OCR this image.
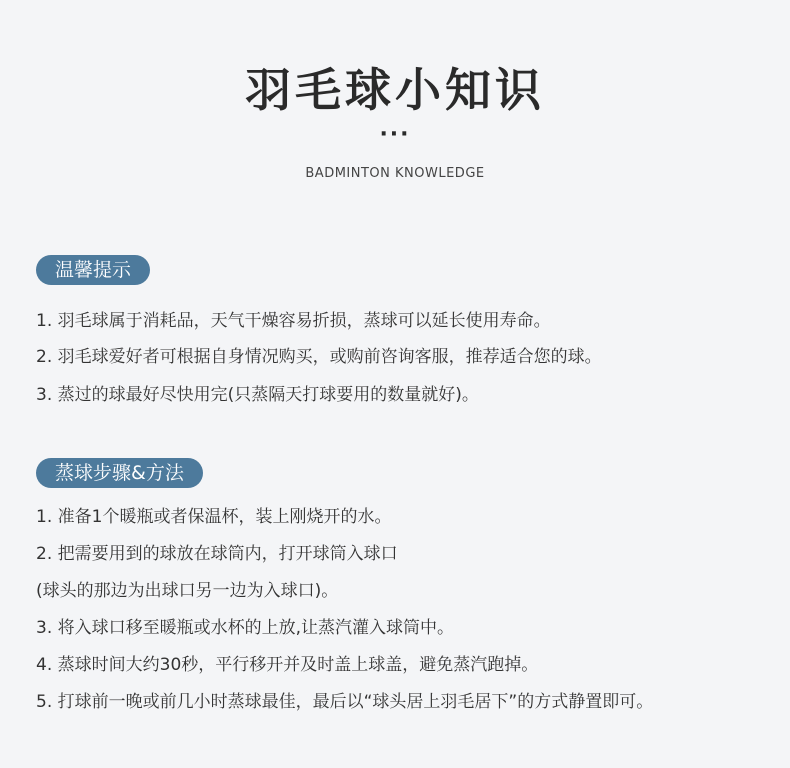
羽毛球小知识
···
BADMINTON KNOWLEDGE
温馨提示
1. 羽毛球属于消耗品，天气干燥容易折损，蒸球可以延长使用寿命。
2. 羽毛球爱好者可根据自身情况购买，或购前咨询客服，推荐适合您的球。
3. 蒸过的球最好尽快用完(只蒸隔天打球要用的数量就好)。
蒸球步骤&方法
1. 准备1个暖瓶或者保温杯，装上刚烧开的水。
2. 把需要用到的球放在球筒内，打开球筒入球口
(球头的那边为出球口另一边为入球口)。
3. 将入球口移至暖瓶或水杯的上放,让蒸汽灌入球筒中。
4. 蒸球时间大约30秒，平行移开并及时盖上球盖，避免蒸汽跑掉。
5. 打球前一晚或前几小时蒸球最佳，最后以“球头居上羽毛居下”的方式静置即可。
